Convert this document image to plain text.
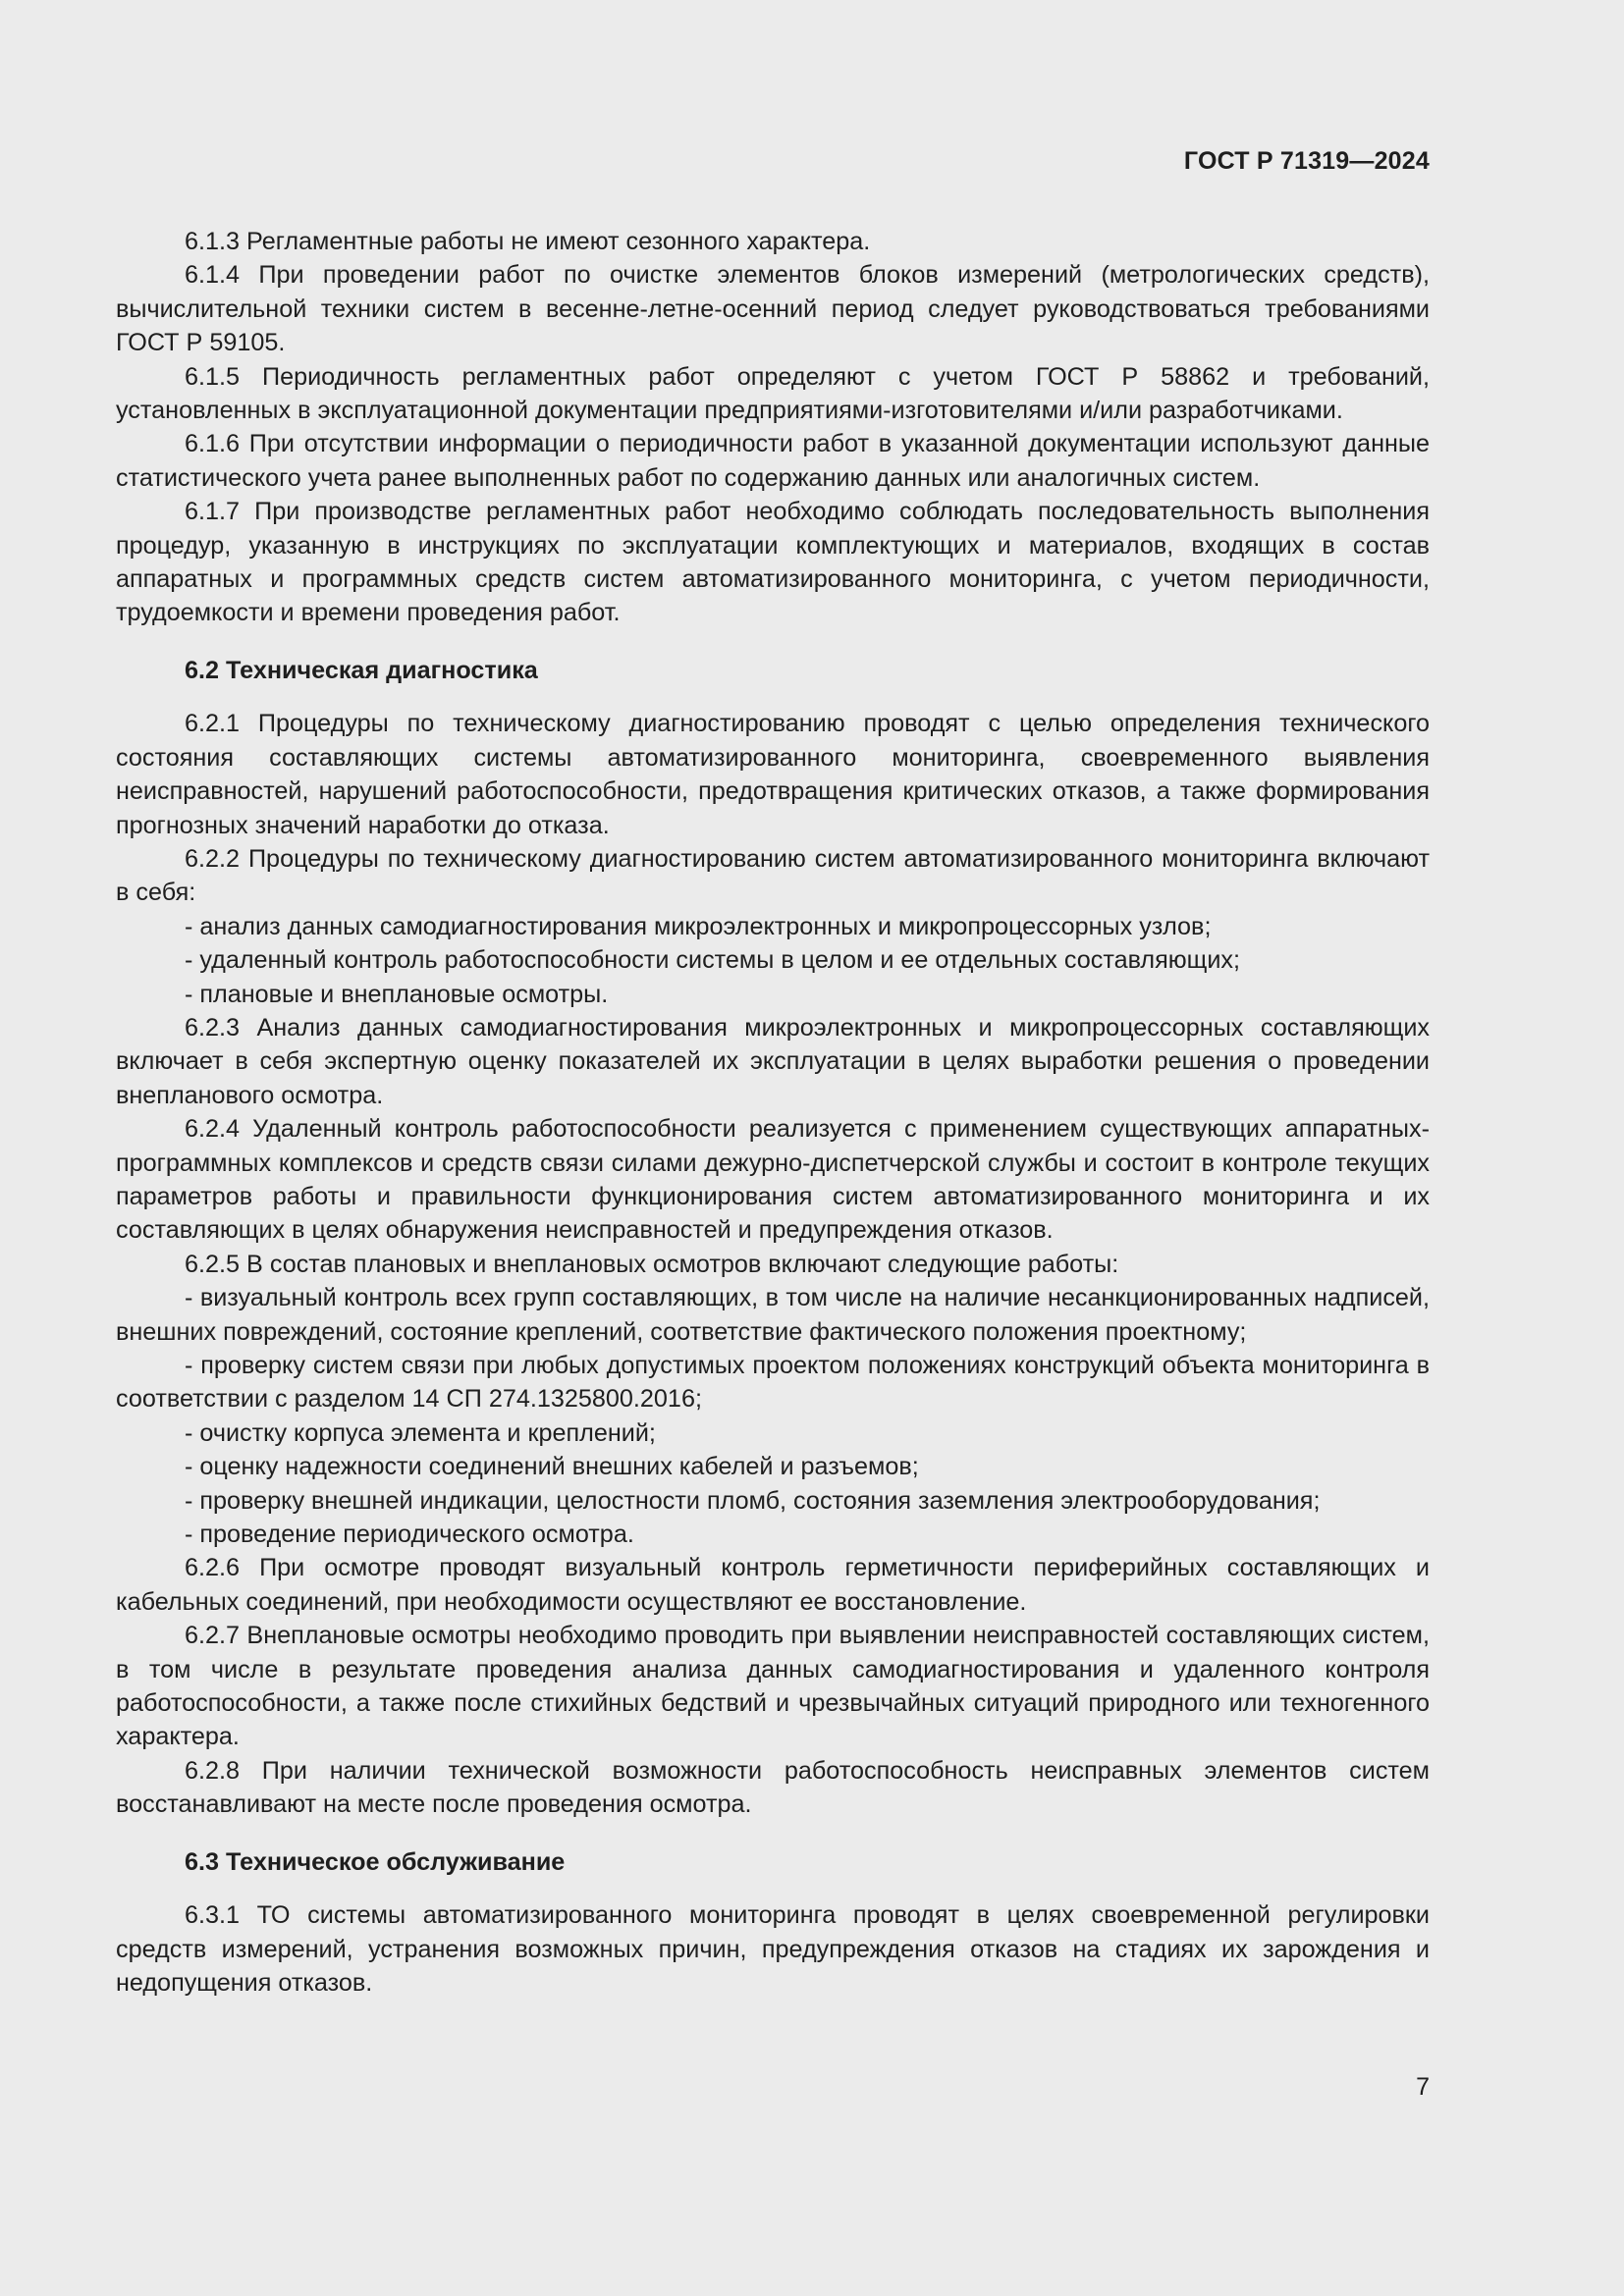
ГОСТ Р 71319—2024

6.1.3 Регламентные работы не имеют сезонного характера.

6.1.4 При проведении работ по очистке элементов блоков измерений (метрологических средств), вычислительной техники систем в весенне-летне-осенний период следует руководствоваться требованиями ГОСТ Р 59105.

6.1.5 Периодичность регламентных работ определяют с учетом ГОСТ Р 58862 и требований, установленных в эксплуатационной документации предприятиями-изготовителями и/или разработчиками.

6.1.6 При отсутствии информации о периодичности работ в указанной документации используют данные статистического учета ранее выполненных работ по содержанию данных или аналогичных систем.

6.1.7 При производстве регламентных работ необходимо соблюдать последовательность выполнения процедур, указанную в инструкциях по эксплуатации комплектующих и материалов, входящих в состав аппаратных и программных средств систем автоматизированного мониторинга, с учетом периодичности, трудоемкости и времени проведения работ.

6.2 Техническая диагностика

6.2.1 Процедуры по техническому диагностированию проводят с целью определения технического состояния составляющих системы автоматизированного мониторинга, своевременного выявления неисправностей, нарушений работоспособности, предотвращения критических отказов, а также формирования прогнозных значений наработки до отказа.

6.2.2 Процедуры по техническому диагностированию систем автоматизированного мониторинга включают в себя:

- анализ данных самодиагностирования микроэлектронных и микропроцессорных узлов;

- удаленный контроль работоспособности системы в целом и ее отдельных составляющих;

- плановые и внеплановые осмотры.

6.2.3 Анализ данных самодиагностирования микроэлектронных и микропроцессорных составляющих включает в себя экспертную оценку показателей их эксплуатации в целях выработки решения о проведении внепланового осмотра.

6.2.4 Удаленный контроль работоспособности реализуется с применением существующих аппаратных-программных комплексов и средств связи силами дежурно-диспетчерской службы и состоит в контроле текущих параметров работы и правильности функционирования систем автоматизированного мониторинга и их составляющих в целях обнаружения неисправностей и предупреждения отказов.

6.2.5 В состав плановых и внеплановых осмотров включают следующие работы:

- визуальный контроль всех групп составляющих, в том числе на наличие несанкционированных надписей, внешних повреждений, состояние креплений, соответствие фактического положения проектному;

- проверку систем связи при любых допустимых проектом положениях конструкций объекта мониторинга в соответствии с разделом 14 СП 274.1325800.2016;

- очистку корпуса элемента и креплений;

- оценку надежности соединений внешних кабелей и разъемов;

- проверку внешней индикации, целостности пломб, состояния заземления электрооборудования;

- проведение периодического осмотра.

6.2.6 При осмотре проводят визуальный контроль герметичности периферийных составляющих и кабельных соединений, при необходимости осуществляют ее восстановление.

6.2.7 Внеплановые осмотры необходимо проводить при выявлении неисправностей составляющих систем, в том числе в результате проведения анализа данных самодиагностирования и удаленного контроля работоспособности, а также после стихийных бедствий и чрезвычайных ситуаций природного или техногенного характера.

6.2.8 При наличии технической возможности работоспособность неисправных элементов систем восстанавливают на месте после проведения осмотра.

6.3 Техническое обслуживание

6.3.1 ТО системы автоматизированного мониторинга проводят в целях своевременной регулировки средств измерений, устранения возможных причин, предупреждения отказов на стадиях их зарождения и недопущения отказов.

7
